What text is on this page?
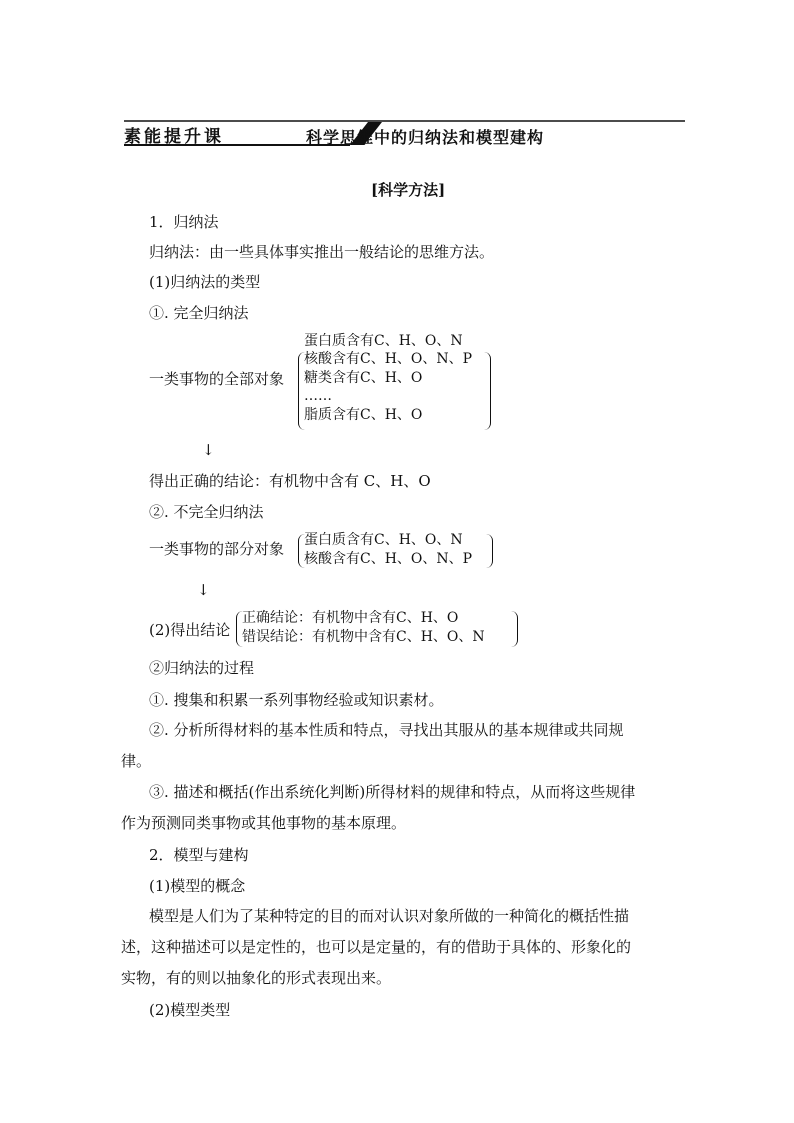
素能提升课	科学思维中的归纳法和模型建构
[科学方法]
1．归纳法
归纳法：由一些具体事实推出一般结论的思维方法。
(1)归纳法的类型
①. 完全归纳法
一类事物的全部对象
蛋白质含有C、H、O、N
核酸含有C、H、O、N、P
糖类含有C、H、O
……
脂质含有C、H、O
↓
得出正确的结论：有机物中含有 C、H、O
②. 不完全归纳法
一类事物的部分对象 蛋白质含有C、H、O、N
核酸含有C、H、O、N、P
↓
(2)得出结论
正确结论：有机物中含有C、H、O
错误结论：有机物中含有C、H、O、N
②归纳法的过程
①. 搜集和积累一系列事物经验或知识素材。
②. 分析所得材料的基本性质和特点，寻找出其服从的基本规律或共同规
律。
③. 描述和概括(作出系统化判断)所得材料的规律和特点，从而将这些规律
作为预测同类事物或其他事物的基本原理。
2．模型与建构
(1)模型的概念
模型是人们为了某种特定的目的而对认识对象所做的一种简化的概括性描
述，这种描述可以是定性的，也可以是定量的，有的借助于具体的、形象化的
实物，有的则以抽象化的形式表现出来。
(2)模型类型
